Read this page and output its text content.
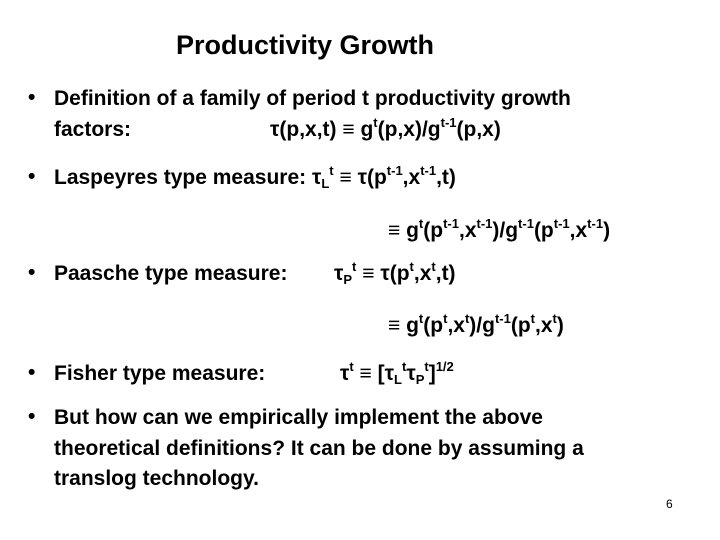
Productivity Growth
• Definition of a family of period t productivity growth
factors:	$\tau(p,x,t) \equiv g^t(p,x)/g^{t-1}(p,x)$
• Laspeyres type measure: $\tau_L^t \equiv \tau(p^{t-1},x^{t-1},t)$
≡ $g^t(p^{t-1},x^{t-1})/g^{t-1}(p^{t-1},x^{t-1})$
• Paasche type measure: $\tau_P^t \equiv \tau(p^t,x^t,t)$
≡ $g^t(p^t,x^t)/g^{t-1}(p^t,x^t)$
• Fisher type measure:	$\tau^t \equiv [\tau_L^t\tau_P^t]^{1/2}$
• But how can we empirically implement the above
theoretical definitions? It can be done by assuming a
translog technology.
6
